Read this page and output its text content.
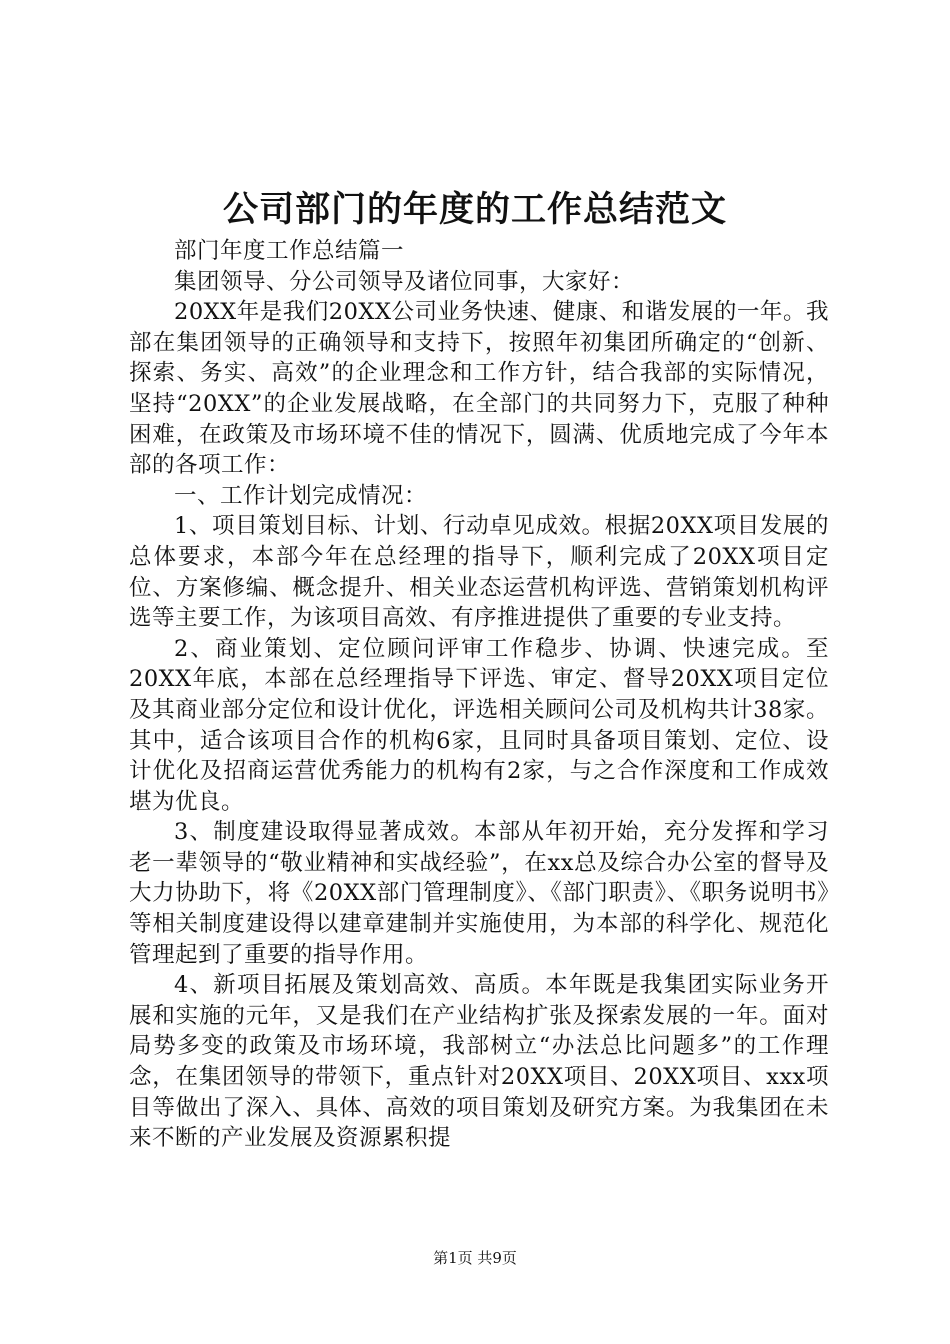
公司部门的年度的工作总结范文

部门年度工作总结篇一

集团领导、分公司领导及诸位同事，大家好：

20XX年是我们20XX公司业务快速、健康、和谐发展的一年。我部在集团领导的正确领导和支持下，按照年初集团所确定的“创新、探索、务实、高效”的企业理念和工作方针，结合我部的实际情况，坚持“20XX”的企业发展战略，在全部门的共同努力下，克服了种种困难，在政策及市场环境不佳的情况下，圆满、优质地完成了今年本部的各项工作：

一、工作计划完成情况：

1、项目策划目标、计划、行动卓见成效。根据20XX项目发展的总体要求，本部今年在总经理的指导下，顺利完成了20XX项目定位、方案修编、概念提升、相关业态运营机构评选、营销策划机构评选等主要工作，为该项目高效、有序推进提供了重要的专业支持。

2、商业策划、定位顾问评审工作稳步、协调、快速完成。至20XX年底，本部在总经理指导下评选、审定、督导20XX项目定位及其商业部分定位和设计优化，评选相关顾问公司及机构共计38家。其中，适合该项目合作的机构6家，且同时具备项目策划、定位、设计优化及招商运营优秀能力的机构有2家，与之合作深度和工作成效堪为优良。

3、制度建设取得显著成效。本部从年初开始，充分发挥和学习老一辈领导的“敬业精神和实战经验”，在xx总及综合办公室的督导及大力协助下，将《20XX部门管理制度》、《部门职责》、《职务说明书》等相关制度建设得以建章建制并实施使用，为本部的科学化、规范化管理起到了重要的指导作用。

4、新项目拓展及策划高效、高质。本年既是我集团实际业务开展和实施的元年，又是我们在产业结构扩张及探索发展的一年。面对局势多变的政策及市场环境，我部树立“办法总比问题多”的工作理念，在集团领导的带领下，重点针对20XX项目、20XX项目、xxx项目等做出了深入、具体、高效的项目策划及研究方案。为我集团在未来不断的产业发展及资源累积提

第1页 共9页
